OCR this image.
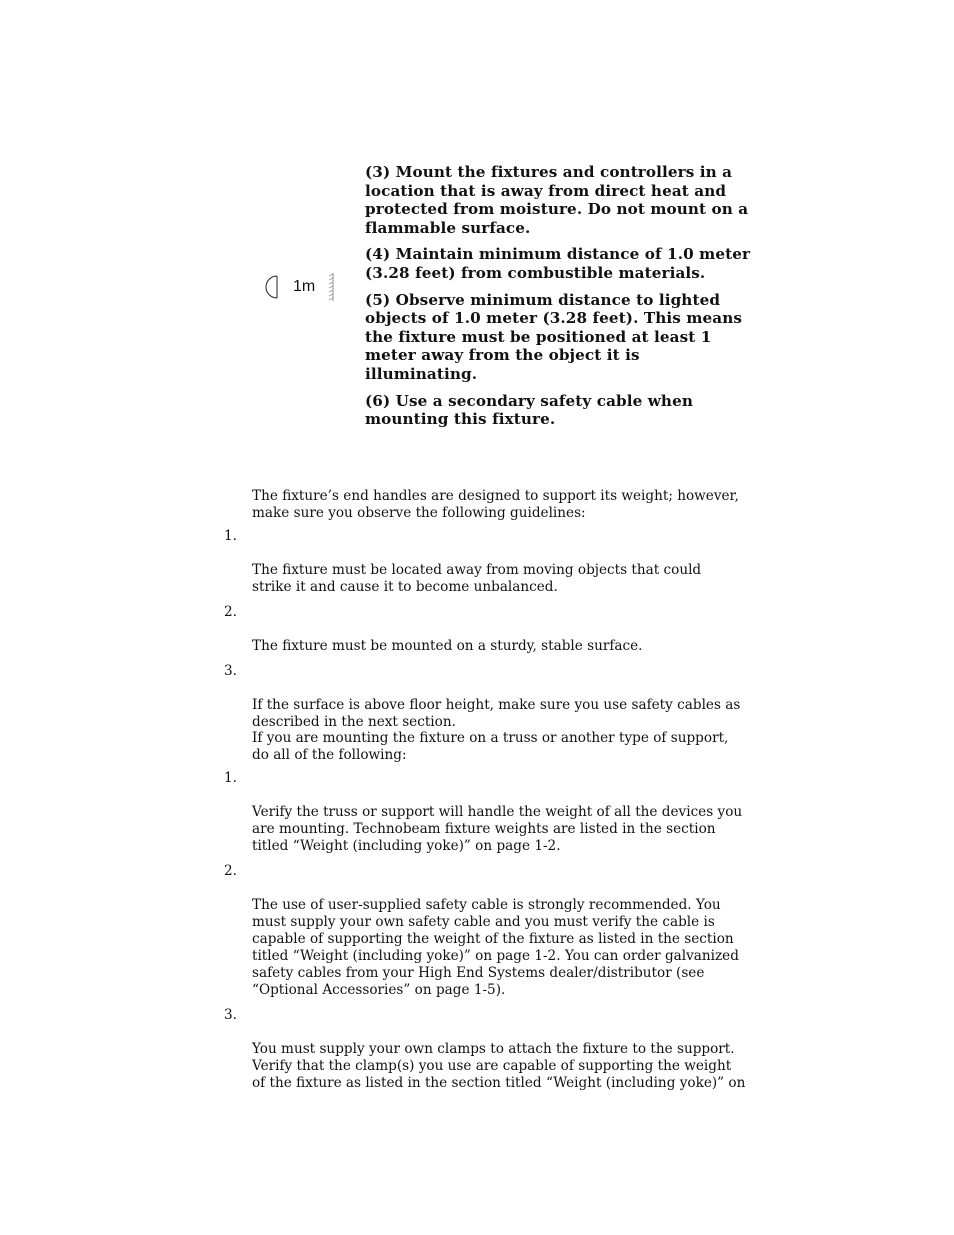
1m

(3) Mount the fixtures and controllers in a
location that is away from direct heat and
protected from moisture. Do not mount on a
flammable surface.

(4) Maintain minimum distance of 1.0 meter
(3.28 feet) from combustible materials.

(5) Observe minimum distance to lighted
objects of 1.0 meter (3.28 feet). This means
the fixture must be positioned at least 1
meter away from the object it is
illuminating.

(6) Use a secondary safety cable when
mounting this fixture.

The fixture’s end handles are designed to support its weight; however,
make sure you observe the following guidelines:

1.

The fixture must be located away from moving objects that could
strike it and cause it to become unbalanced.

2.

The fixture must be mounted on a sturdy, stable surface.

3.

If the surface is above floor height, make sure you use safety cables as
described in the next section.

If you are mounting the fixture on a truss or another type of support,
do all of the following:

1.

Verify the truss or support will handle the weight of all the devices you
are mounting. Technobeam fixture weights are listed in the section
titled “Weight (including yoke)” on page 1-2.

2.

The use of user-supplied safety cable is strongly recommended. You
must supply your own safety cable and you must verify the cable is
capable of supporting the weight of the fixture as listed in the section
titled “Weight (including yoke)” on page 1-2. You can order galvanized
safety cables from your High End Systems dealer/distributor (see
“Optional Accessories” on page 1-5).

3.

You must supply your own clamps to attach the fixture to the support.
Verify that the clamp(s) you use are capable of supporting the weight
of the fixture as listed in the section titled “Weight (including yoke)” on
